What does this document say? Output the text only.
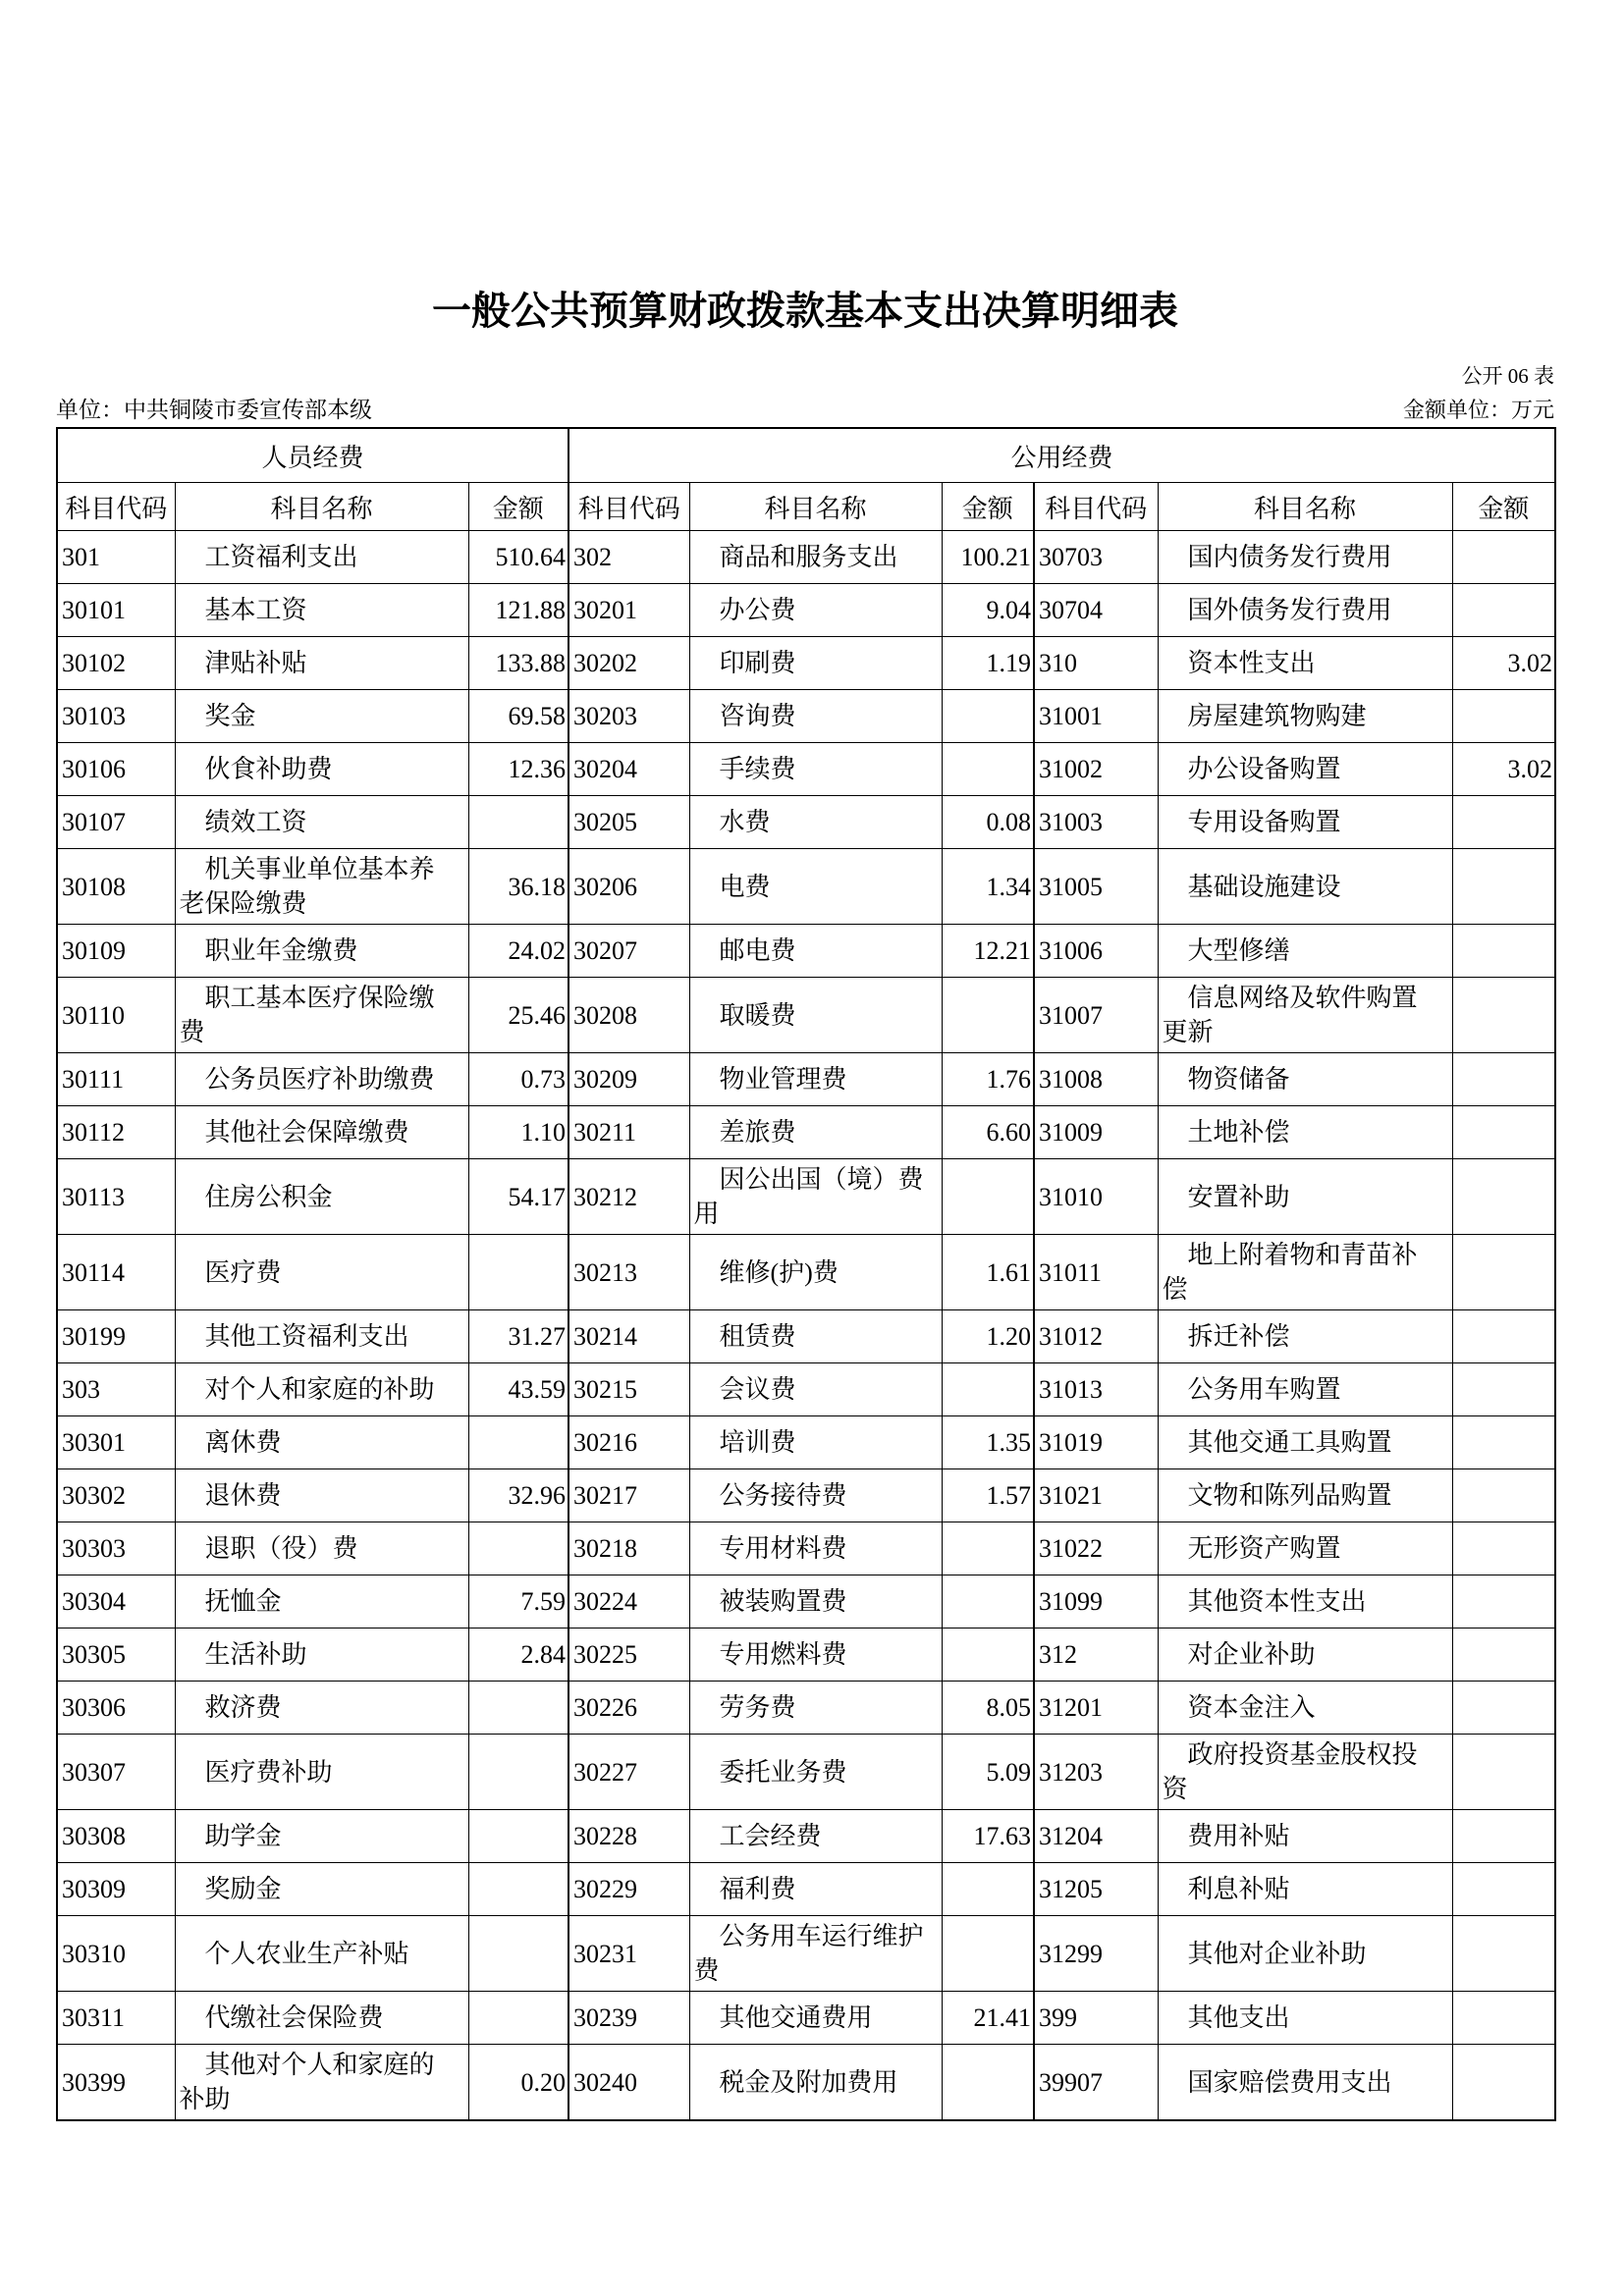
一般公共预算财政拨款基本支出决算明细表
公开 06 表
单位：中共铜陵市委宣传部本级	金额单位：万元
人员经费			公用经费					
科目代码	科目名称	金额	科目代码	科目名称	金额	科目代码	科目名称	金额
301	工资福利支出	510.64	302	商品和服务支出	100.21	30703	国内债务发行费用	
30101	基本工资	121.88	30201	办公费	9.04	30704	国外债务发行费用	
30102	津贴补贴	133.88	30202	印刷费	1.19	310	资本性支出	3.02
30103	奖金	69.58	30203	咨询费		31001	房屋建筑物购建	
30106	伙食补助费	12.36	30204	手续费		31002	办公设备购置	3.02
30107	绩效工资		30205	水费	0.08	31003	专用设备购置	
30108	机关事业单位基本养老保险缴费	36.18	30206	电费	1.34	31005	基础设施建设	
30109	职业年金缴费	24.02	30207	邮电费	12.21	31006	大型修缮	
30110	职工基本医疗保险缴费	25.46	30208	取暖费		31007	信息网络及软件购置更新	
30111	公务员医疗补助缴费	0.73	30209	物业管理费	1.76	31008	物资储备	
30112	其他社会保障缴费	1.10	30211	差旅费	6.60	31009	土地补偿	
30113	住房公积金	54.17	30212	因公出国（境）费用		31010	安置补助	
30114	医疗费		30213	维修(护)费	1.61	31011	地上附着物和青苗补偿	
30199	其他工资福利支出	31.27	30214	租赁费	1.20	31012	拆迁补偿	
303	对个人和家庭的补助	43.59	30215	会议费		31013	公务用车购置	
30301	离休费		30216	培训费	1.35	31019	其他交通工具购置	
30302	退休费	32.96	30217	公务接待费	1.57	31021	文物和陈列品购置	
30303	退职（役）费		30218	专用材料费		31022	无形资产购置	
30304	抚恤金	7.59	30224	被装购置费		31099	其他资本性支出	
30305	生活补助	2.84	30225	专用燃料费		312	对企业补助	
30306	救济费		30226	劳务费	8.05	31201	资本金注入	
30307	医疗费补助		30227	委托业务费	5.09	31203	政府投资基金股权投资	
30308	助学金		30228	工会经费	17.63	31204	费用补贴	
30309	奖励金		30229	福利费		31205	利息补贴	
30310	个人农业生产补贴		30231	公务用车运行维护费		31299	其他对企业补助	
30311	代缴社会保险费		30239	其他交通费用	21.41	399	其他支出	
30399	其他对个人和家庭的补助	0.20	30240	税金及附加费用		39907	国家赔偿费用支出	
